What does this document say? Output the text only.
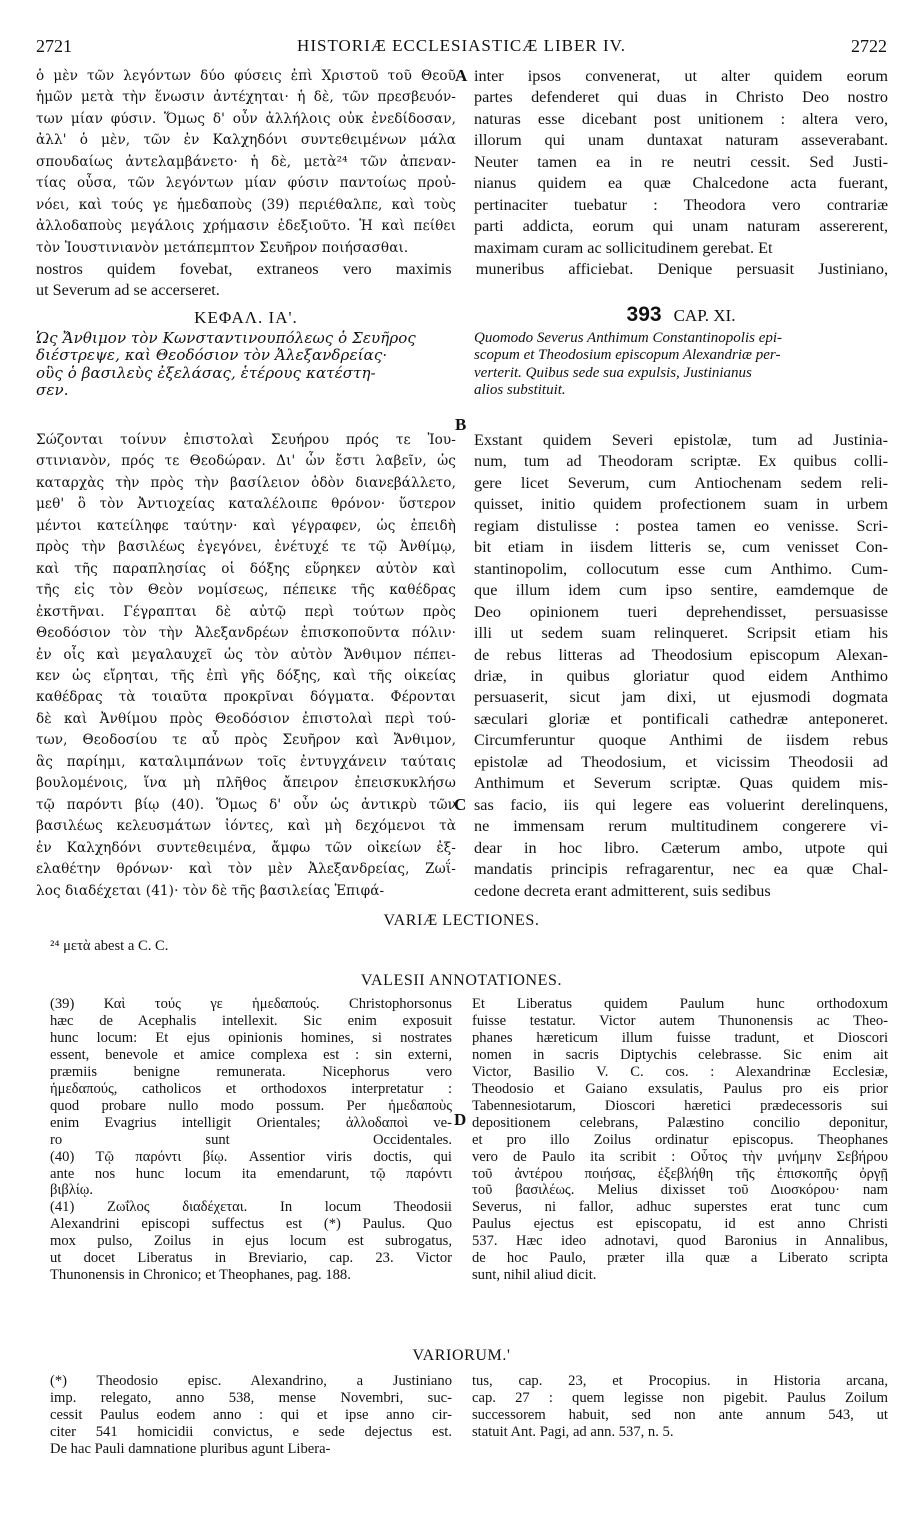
2721	HISTORIÆ ECCLESIASTICÆ LIBER IV.	2722
ὁ μὲν τῶν λεγόντων δύο φύσεις ἐπὶ Χριστοῦ τοῦ Θεοῦ
ἡμῶν μετὰ τὴν ἕνωσιν ἀντέχηται· ἡ δὲ, τῶν πρεσβευόν-
των μίαν φύσιν. Ὅμως δ' οὖν ἀλλήλοις οὐκ ἐνεδίδοσαν,
ἀλλ' ὁ μὲν, τῶν ἐν Καλχηδόνι συντεθειμένων μάλα
σπουδαίως ἀντελαμβάνετο· ἡ δὲ, μετὰ²⁴ τῶν ἀπεναν-
τίας οὖσα, τῶν λεγόντων μίαν φύσιν παντοίως προὐ-
νόει, καὶ τούς γε ἡμεδαποὺς (39) περιέθαλπε, καὶ τοὺς
ἀλλοδαποὺς μεγάλοις χρήμασιν ἐδεξιοῦτο. Ἡ καὶ πείθει
τὸν Ἰουστινιανὸν μετάπεμπτον Σευῆρον ποιήσασθαι.
A inter ipsos convenerat, ut alter quidem eorum
partes defenderet qui duas in Christo Deo nostro
naturas esse dicebant post unitionem : altera vero,
illorum qui unam duntaxat naturam asseverabant.
Neuter tamen ea in re neutri cessit. Sed Justi-
nianus quidem ea quæ Chalcedone acta fuerant,
pertinaciter tuebatur : Theodora vero contrariæ
parti addicta, eorum qui unam naturam assererent,
maximam curam ac sollicitudinem gerebat. Et
nostros quidem fovebat, extraneos vero maximis muneribus afficiebat. Denique persuasit Justiniano,
ut Severum ad se accerseret.
ΚΕΦΑΛ. ΙΑ'.	393 CAP. XI.
Ὡς Ἄνθιμον τὸν Κωνσταντινουπόλεως ὁ Σευῆρος
διέστρεψε, καὶ Θεοδόσιον τὸν Ἀλεξανδρείας·
οὓς ὁ βασιλεὺς ἐξελάσας, ἑτέρους κατέστη-
σεν.
B
Quomodo Severus Anthimum Constantinopolis epi-
scopum et Theodosium episcopum Alexandriæ per-
verterit. Quibus sede sua expulsis, Justinianus
alios substituit.
Σώζονται τοίνυν ἐπιστολαὶ Σευήρου πρός τε Ἰου-
στινιανὸν, πρός τε Θεοδώραν. Δι' ὧν ἔστι λαβεῖν, ὡς
καταρχὰς τὴν πρὸς τὴν βασίλειον ὁδὸν διανεβάλλετο,
μεθ' ὃ τὸν Ἀντιοχείας καταλέλοιπε θρόνον· ὕστερον
μέντοι κατείληφε ταύτην· καὶ γέγραφεν, ὡς ἐπειδὴ
πρὸς τὴν βασιλέως ἐγεγόνει, ἐνέτυχέ τε τῷ Ἀνθίμῳ,
καὶ τῆς παραπλησίας οἱ δόξης εὕρηκεν αὐτὸν καὶ
τῆς εἰς τὸν Θεὸν νομίσεως, πέπεικε τῆς καθέδρας
ἐκστῆναι. Γέγραπται δὲ αὐτῷ περὶ τούτων πρὸς
Θεοδόσιον τὸν τὴν Ἀλεξανδρέων ἐπισκοποῦντα πόλιν·
ἐν οἷς καὶ μεγαλαυχεῖ ὡς τὸν αὐτὸν Ἄνθιμον πέπει-
κεν ὡς εἴρηται, τῆς ἐπὶ γῆς δόξης, καὶ τῆς οἰκείας
καθέδρας τὰ τοιαῦτα προκρῖναι δόγματα. Φέρονται
δὲ καὶ Ἀνθίμου πρὸς Θεοδόσιον ἐπιστολαὶ περὶ τού-
των, Θεοδοσίου τε αὖ πρὸς Σευῆρον καὶ Ἄνθιμον,
ἃς παρίημι, καταλιμπάνων τοῖς ἐντυγχάνειν ταύταις
βουλομένοις, ἵνα μὴ πλῆθος ἄπειρον ἐπεισκυκλήσω
τῷ παρόντι βίῳ (40). Ὅμως δ' οὖν ὡς ἀντικρὺ τῶν
βασιλέως κελευσμάτων ἰόντες, καὶ μὴ δεχόμενοι τὰ
ἐν Καλχηδόνι συντεθειμένα, ἄμφω τῶν οἰκείων ἐξ-
ελαθέτην θρόνων· καὶ τὸν μὲν Ἀλεξανδρείας, Ζωΐ-
λος διαδέχεται (41)· τὸν δὲ τῆς βασιλείας Ἐπιφά-
C
Exstant quidem Severi epistolæ, tum ad Justinia-
num, tum ad Theodoram scriptæ. Ex quibus colli-
gere licet Severum, cum Antiochenam sedem reli-
quisset, initio quidem profectionem suam in urbem
regiam distulisse : postea tamen eo venisse. Scri-
bit etiam in iisdem litteris se, cum venisset Con-
stantinopolim, collocutum esse cum Anthimo. Cum-
que illum idem cum ipso sentire, eamdemque de
Deo opinionem tueri deprehendisset, persuasisse
illi ut sedem suam relinqueret. Scripsit etiam his
de rebus litteras ad Theodosium episcopum Alexan-
driæ, in quibus gloriatur quod eidem Anthimo
persuaserit, sicut jam dixi, ut ejusmodi dogmata
sæculari gloriæ et pontificali cathedræ anteponeret.
Circumferuntur quoque Anthimi de iisdem rebus
epistolæ ad Theodosium, et vicissim Theodosii ad
Anthimum et Severum scriptæ. Quas quidem mis-
sas facio, iis qui legere eas voluerint derelinquens,
ne immensam rerum multitudinem congerere vi-
dear in hoc libro. Cæterum ambo, utpote qui
mandatis principis refragarentur, nec ea quæ Chal-
cedone decreta erant admitterent, suis sedibus
VARIÆ LECTIONES.
²⁴ μετὰ abest a C. C.
VALESII ANNOTATIONES.
(39) Καὶ τούς γε ἡμεδαπούς. Christophorsonus
hæc de Acephalis intellexit. Sic enim exposuit
hunc locum: Et ejus opinionis homines, si nostrates
essent, benevole et amice complexa est : sin externi,
præmiis benigne remunerata. Nicephorus vero
ἡμεδαπούς, catholicos et orthodoxos interpretatur :
quod probare nullo modo possum. Per ἡμεδαποὺς
enim Evagrius intelligit Orientales; ἀλλοδαποὶ ve-
ro sunt Occidentales.
(40) Τῷ παρόντι βίῳ. Assentior viris doctis, qui
ante nos hunc locum ita emendarunt, τῷ παρόντι
βιβλίῳ.
(41) Ζωΐλος διαδέχεται. In locum Theodosii
Alexandrini episcopi suffectus est (*) Paulus. Quo
mox pulso, Zoilus in ejus locum est subrogatus,
ut docet Liberatus in Breviario, cap. 23. Victor
Thunonensis in Chronico; et Theophanes, pag. 188.
D
Et Liberatus quidem Paulum hunc orthodoxum
fuisse testatur. Victor autem Thunonensis ac Theo-
phanes hæreticum illum fuisse tradunt, et Dioscori
nomen in sacris Diptychis celebrasse. Sic enim ait
Victor, Basilio V. C. cos. : Alexandrinæ Ecclesiæ,
Theodosio et Gaiano exsulatis, Paulus pro eis prior
Tabennesiotarum, Dioscori hæretici prædecessoris sui
depositionem celebrans, Palæstino concilio deponitur,
et pro illo Zoilus ordinatur episcopus. Theophanes
vero de Paulo ita scribit : Οὗτος τὴν μνήμην Σεβήρου
τοῦ ἀντέρου ποιήσας, ἐξεβλήθη τῆς ἐπισκοπῆς ὀργῇ
τοῦ βασιλέως. Melius dixisset τοῦ Διοσκόρου· nam
Severus, ni fallor, adhuc superstes erat tunc cum
Paulus ejectus est episcopatu, id est anno Christi
537. Hæc ideo adnotavi, quod Baronius in Annalibus,
de hoc Paulo, præter illa quæ a Liberato scripta
sunt, nihil aliud dicit.
VARIORUM.'
(*) Theodosio episc. Alexandrino, a Justiniano
imp. relegato, anno 538, mense Novembri, suc-
cessit Paulus eodem anno : qui et ipse anno cir-
citer 541 homicidii convictus, e sede dejectus est.
De hac Pauli damnatione pluribus agunt Libera-
tus, cap. 23, et Procopius. in Historia arcana,
cap. 27 : quem legisse non pigebit. Paulus Zoilum
successorem habuit, sed non ante annum 543, ut
statuit Ant. Pagi, ad ann. 537, n. 5.
